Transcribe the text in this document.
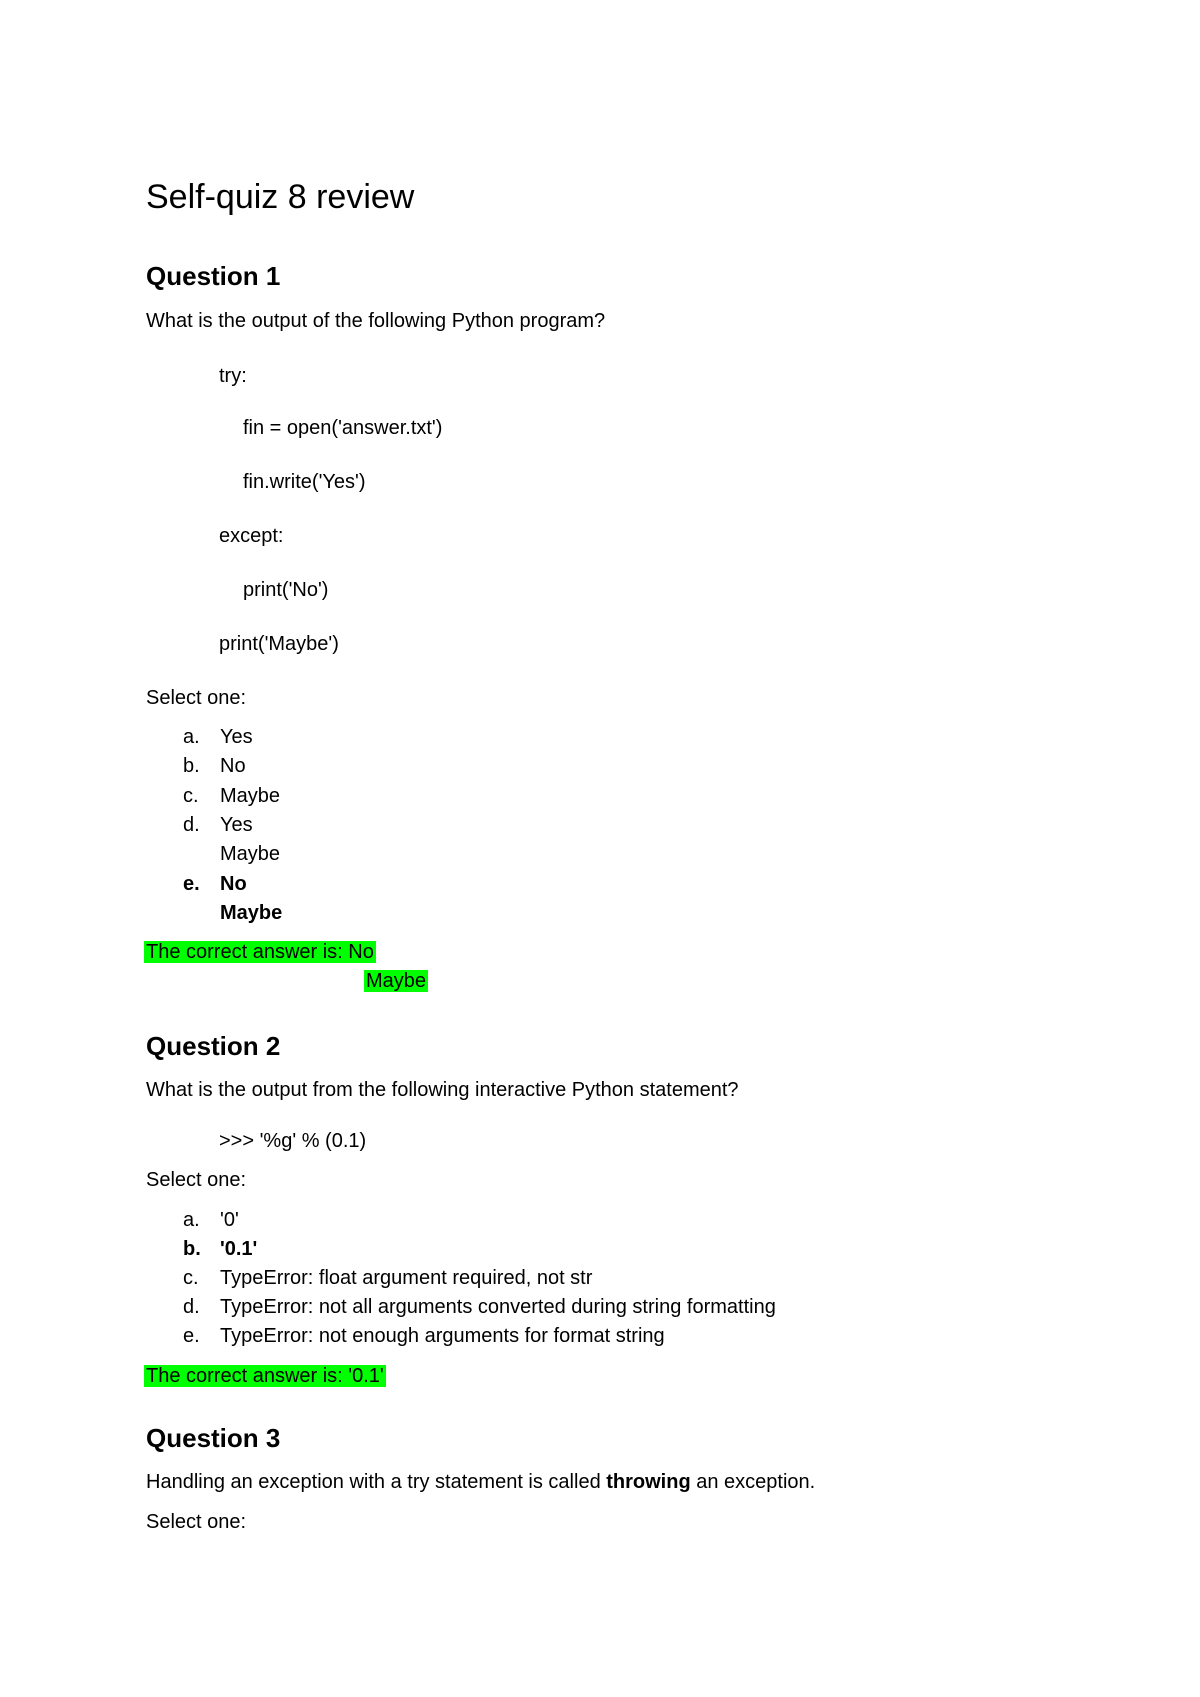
Self-quiz 8 review
Question 1
What is the output of the following Python program?
try:
fin = open('answer.txt')
fin.write('Yes')
except:
print('No')
print('Maybe')
Select one:
a.	Yes
b.	No
c.	Maybe
d.	Yes
Maybe
e.	No
Maybe
The correct answer is: No
Maybe
Question 2
What is the output from the following interactive Python statement?
>>> '%g' % (0.1)
Select one:
a.	'0'
b. '0.1'
c.	TypeError: float argument required, not str
d.	TypeError: not all arguments converted during string formatting
e.	TypeError: not enough arguments for format string
The correct answer is: '0.1'
Question 3
Handling an exception with a try statement is called throwing an exception.
Select one:
